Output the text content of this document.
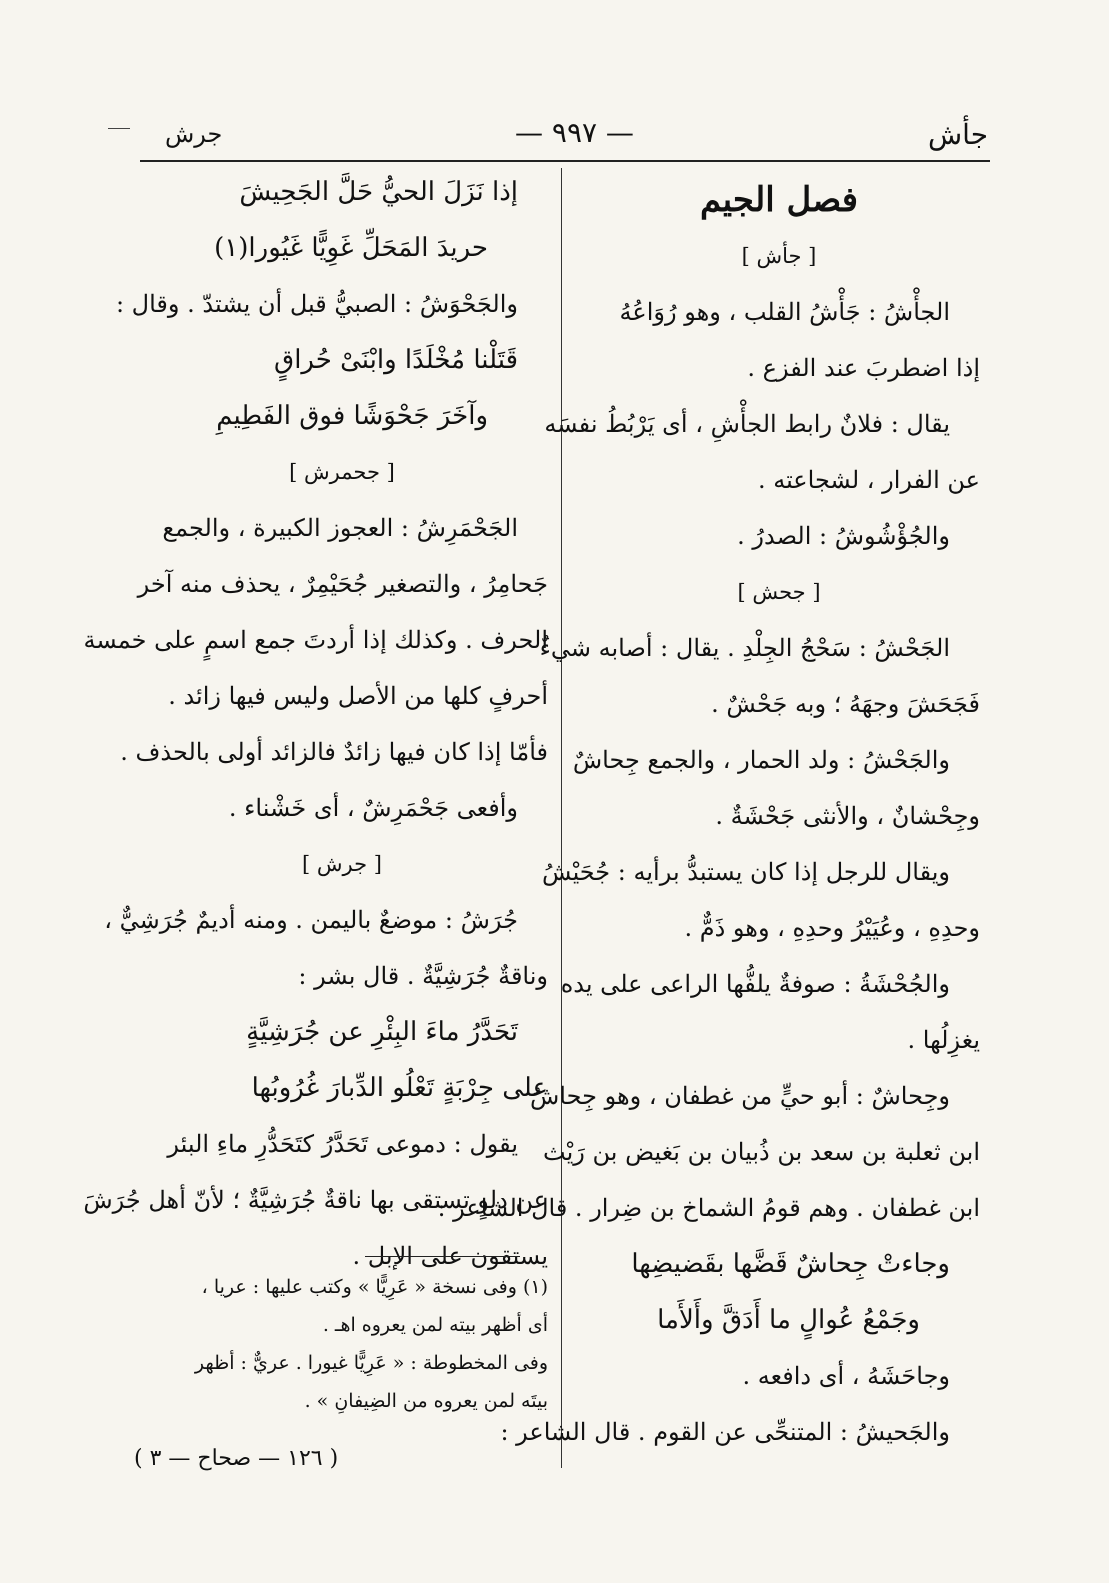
جرش	— ٩٩٧ —	جأش
فصل الجيم
[ جأش ]
الجأْشُ : جَأْشُ القلب ، وهو رُوَاعُهُ
إذا اضطربَ عند الفزع .
يقال : فلانٌ رابط الجأْشِ ، أى يَرْبُطُ نفسَه
عن الفرار ، لشجاعته .
والجُؤْشُوشُ : الصدرُ .
[ جحش ]
الجَحْشُ : سَحْجُ الجِلْدِ . يقال : أصابه شيءٌ
فَجَحَشَ وجهَهُ ؛ وبه جَحْشٌ .
والجَحْشُ : ولد الحمار ، والجمع جِحاشٌ
وجِحْشانٌ ، والأنثى جَحْشَةٌ .
ويقال للرجل إذا كان يستبدُّ برأيه : جُحَيْشُ
وحدِهِ ، وعُيَيْرُ وحدِهِ ، وهو ذَمٌّ .
والجُحْشَةُ : صوفةٌ يلفُّها الراعى على يده
يغزِلُها .
وجِحاشٌ : أبو حيٍّ من غطفان ، وهو جِحاشُ
ابن ثعلبة بن سعد بن ذُبيان بن بَغيض بن رَيْث
ابن غطفان . وهم قومُ الشماخ بن ضِرار . قال الشاعر :
وجاءتْ جِحاشٌ قَضَّها بقَضيضِها
وجَمْعُ عُوالٍ ما أَدَقَّ وأَلأَما
وجاحَشَهُ ، أى دافعه .
والجَحيشُ : المتنحِّى عن القوم . قال الشاعر :
إذا نَزَلَ الحيُّ حَلَّ الجَحِيشَ
حريدَ المَحَلِّ غَوِيًّا غَيُورا(١)
والجَحْوَشُ : الصبيُّ قبل أن يشتدّ . وقال :
قَتَلْنا مُخْلَدًا وابْنَىْ حُراقٍ
وآخَرَ جَحْوَشًا فوق الفَطِيمِ
[ جحمرش ]
الجَحْمَرِشُ : العجوز الكبيرة ، والجمع
جَحامِرُ ، والتصغير جُحَيْمِرٌ ، يحذف منه آخر
الحرف . وكذلك إذا أردتَ جمع اسمٍ على خمسة
أحرفٍ كلها من الأصل وليس فيها زائد .
فأمّا إذا كان فيها زائدٌ فالزائد أولى بالحذف .
وأفعى جَحْمَرِشٌ ، أى خَشْناء .
[ جرش ]
جُرَشُ : موضعٌ باليمن . ومنه أديمٌ جُرَشِيٌّ ،
وناقةٌ جُرَشِيَّةٌ . قال بشر :
تَحَدَّرُ ماءَ البِئْرِ عن جُرَشِيَّةٍ
على جِرْبَةٍ تَعْلُو الدِّبارَ غُرُوبُها
يقول : دموعى تَحَدَّرُ كتَحَدُّرِ ماءِ البئر
عن دلوٍ تستقى بها ناقةٌ جُرَشِيَّةٌ ؛ لأنّ أهل جُرَشَ
يستقون على الإبل .
(١) وفى نسخة « عَرِيًّا » وكتب عليها : عريا ،
أى أظهر بيته لمن يعروه اهـ .
وفى المخطوطة : « عَرِيًّا غيورا . عريٌّ : أظهر
بيتَه لمن يعروه من الضِيفانِ » .
( ١٢٦ — صحاح — ٣ )
